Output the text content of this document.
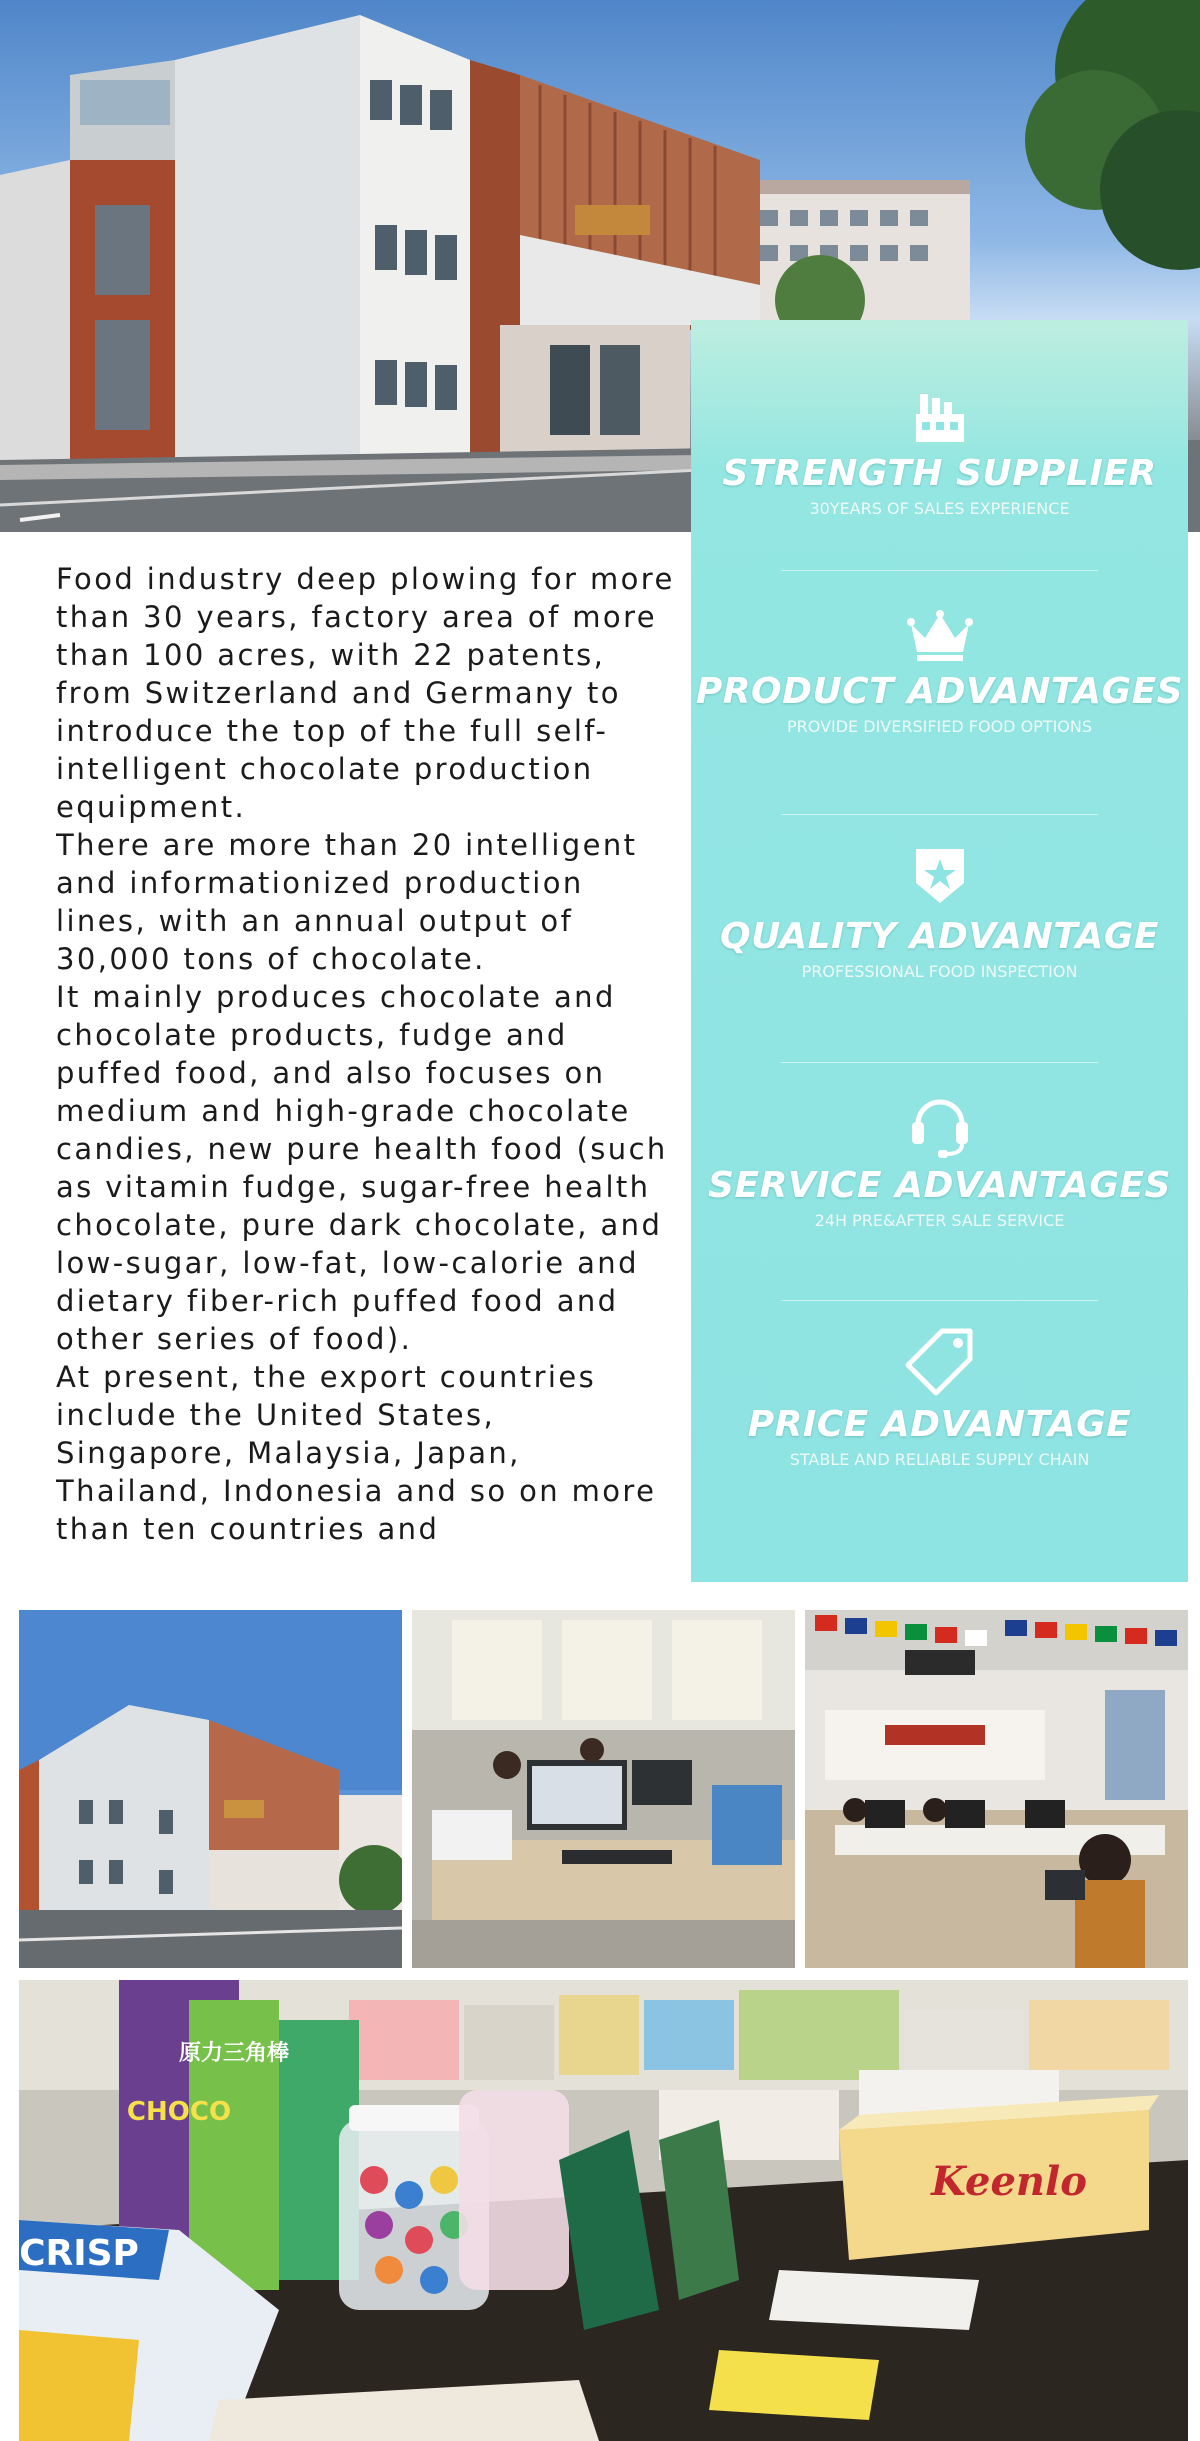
Food industry deep plowing for more than 30 years, factory area of more than 100 acres, with 22 patents, from Switzerland and Germany to introduce the top of the full self-intelligent chocolate production equipment.

There are more than 20 intelligent and informationized production lines, with an annual output of 30,000 tons of chocolate.

It mainly produces chocolate and chocolate products, fudge and puffed food, and also focuses on medium and high-grade chocolate candies, new pure health food (such as vitamin fudge, sugar-free health chocolate, pure dark chocolate, and low-sugar, low-fat, low-calorie and dietary fiber-rich puffed food and other series of food).

At present, the export countries include the United States, Singapore, Malaysia, Japan, Thailand, Indonesia and so on more than ten countries and

STRENGTH SUPPLIER
30YEARS OF SALES EXPERIENCE
PRODUCT ADVANTAGES
PROVIDE DIVERSIFIED FOOD OPTIONS
QUALITY ADVANTAGE
PROFESSIONAL FOOD INSPECTION
SERVICE ADVANTAGES
24H PRE&AFTER SALE SERVICE
PRICE ADVANTAGE
STABLE AND RELIABLE SUPPLY CHAIN
CHOCO
原力三角棒
Keenlo
CRISP
